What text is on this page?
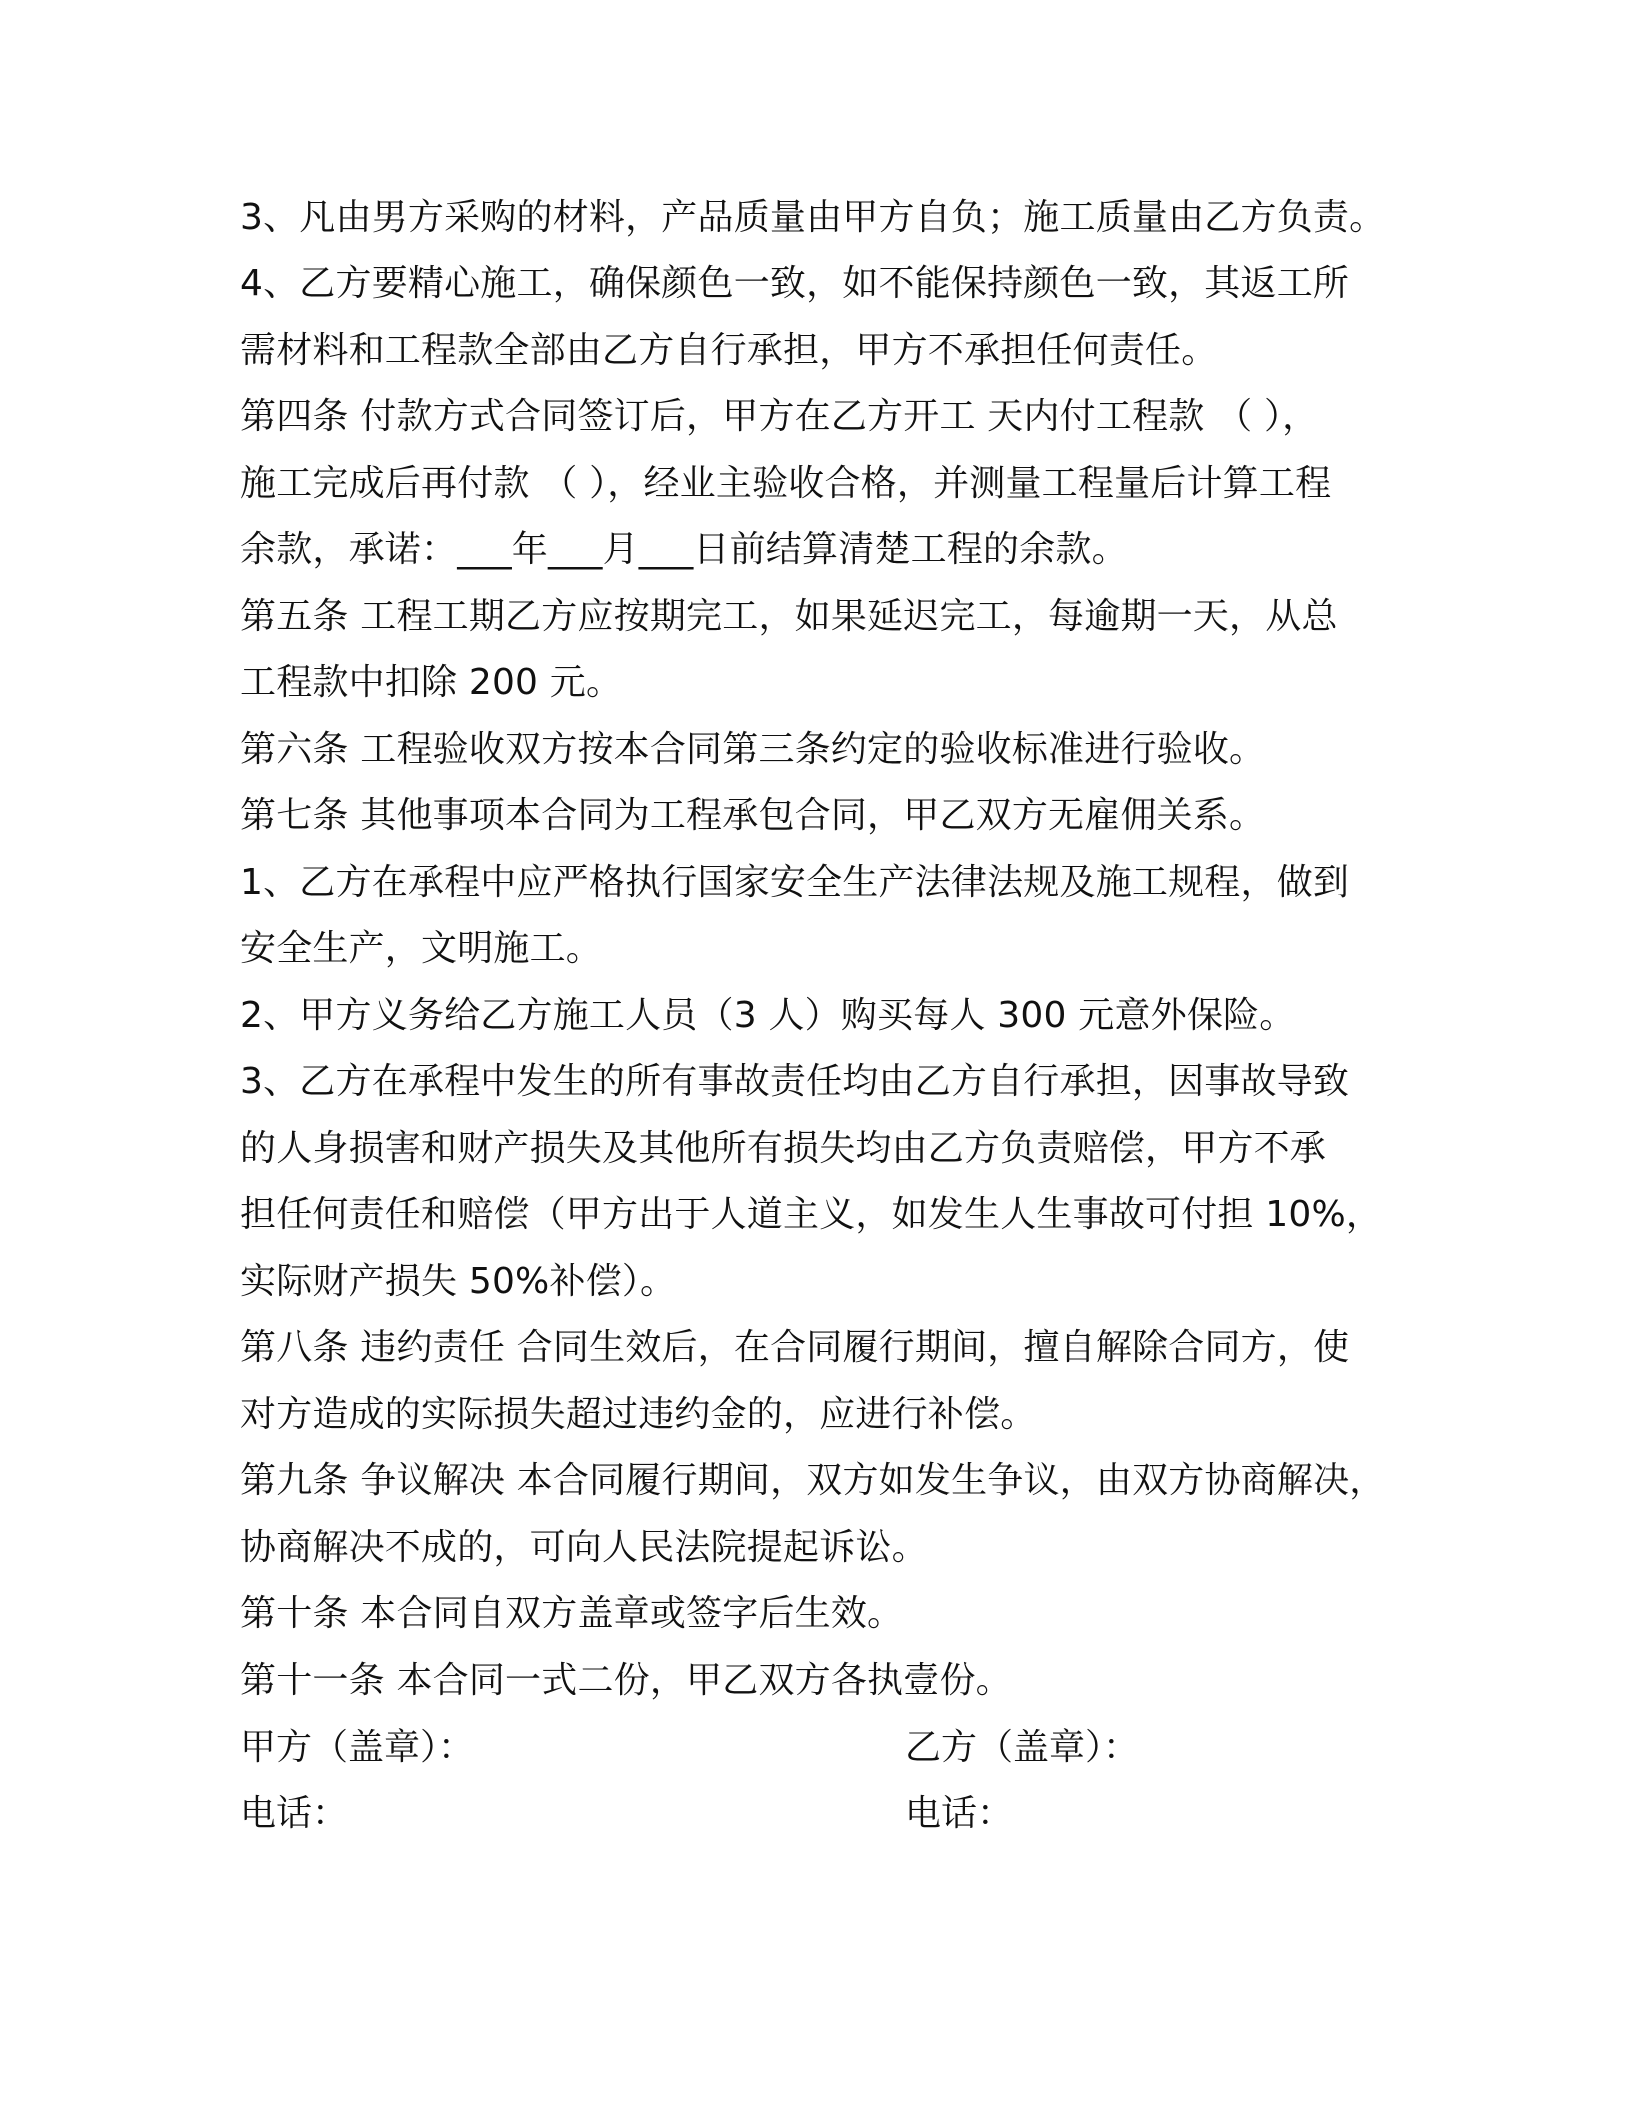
3、凡由男方采购的材料，产品质量由甲方自负；施工质量由乙方负责。
4、乙方要精心施工，确保颜色一致，如不能保持颜色一致，其返工所
需材料和工程款全部由乙方自行承担，甲方不承担任何责任。
第四条 付款方式合同签订后，甲方在乙方开工 天内付工程款 （ ），
施工完成后再付款 （ ），经业主验收合格，并测量工程量后计算工程
余款，承诺：___年___月___日前结算清楚工程的余款。
第五条 工程工期乙方应按期完工，如果延迟完工，每逾期一天，从总
工程款中扣除 200 元。
第六条 工程验收双方按本合同第三条约定的验收标准进行验收。
第七条 其他事项本合同为工程承包合同，甲乙双方无雇佣关系。
1、乙方在承程中应严格执行国家安全生产法律法规及施工规程，做到
安全生产，文明施工。
2、甲方义务给乙方施工人员（3 人）购买每人 300 元意外保险。
3、乙方在承程中发生的所有事故责任均由乙方自行承担，因事故导致
的人身损害和财产损失及其他所有损失均由乙方负责赔偿，甲方不承
担任何责任和赔偿（甲方出于人道主义，如发生人生事故可付担 10%，
实际财产损失 50%补偿）。
第八条 违约责任 合同生效后，在合同履行期间，擅自解除合同方，使
对方造成的实际损失超过违约金的，应进行补偿。
第九条 争议解决 本合同履行期间，双方如发生争议，由双方协商解决，
协商解决不成的，可向人民法院提起诉讼。
第十条 本合同自双方盖章或签字后生效。
第十一条 本合同一式二份，甲乙双方各执壹份。
甲方（盖章）：	乙方（盖章）：
电话：	电话：
